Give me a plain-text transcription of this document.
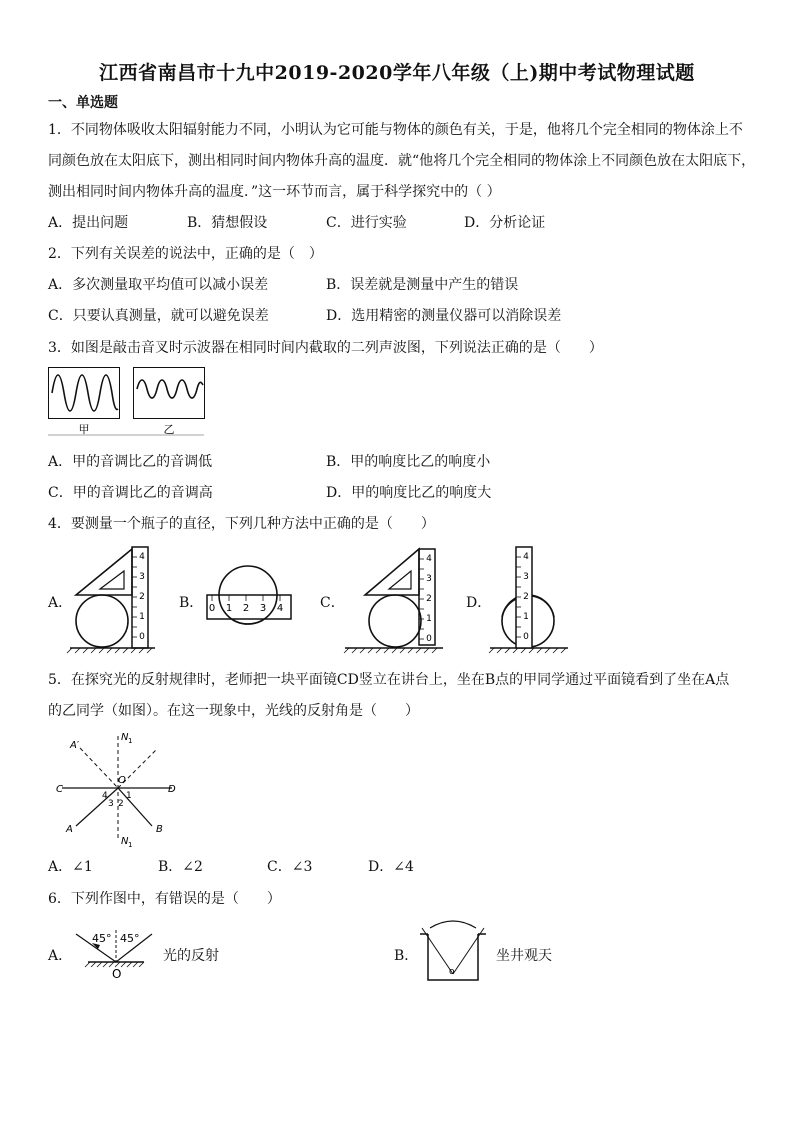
江西省南昌市十九中2019-2020学年八年级（上)期中考试物理试题
一、单选题
1．不同物体吸收太阳辐射能力不同，小明认为它可能与物体的颜色有关，于是，他将几个完全相同的物体涂上不
同颜色放在太阳底下，测出相同时间内物体升高的温度．就“他将几个完全相同的物体涂上不同颜色放在太阳底下，
测出相同时间内物体升高的温度．”这一环节而言，属于科学探究中的（ ）
A．提出问题	B．猜想假设	C．进行实验	D．分析论证
2．下列有关误差的说法中，正确的是（　）
A．多次测量取平均值可以减小误差	B．误差就是测量中产生的错误
C．只要认真测量，就可以避免误差	D．选用精密的测量仪器可以消除误差
3．如图是敲击音叉时示波器在相同时间内截取的二列声波图，下列说法正确的是（　　）
甲	乙
A．甲的音调比乙的音调低	B．甲的响度比乙的响度小
C．甲的音调比乙的音调高	D．甲的响度比乙的响度大
4．要测量一个瓶子的直径，下列几种方法中正确的是（　　）
A．	B．	C．	D．
4
3
2
1
0
0 1 2 3 4
4
3
2
1
0
4
3
2
1
0
5．在探究光的反射规律时，老师把一块平面镜CD竖立在讲台上，坐在B点的甲同学通过平面镜看到了坐在A点
的乙同学（如图）。在这一现象中，光线的反射角是（　　）
N 1
A′
C	D
O
A	B
N 1
1
2
3
4
A．∠1	B．∠2	C．∠3	D．∠4
6．下列作图中，有错误的是（　　）
A．
45° 45°
O
光的反射	B．
o
坐井观天
